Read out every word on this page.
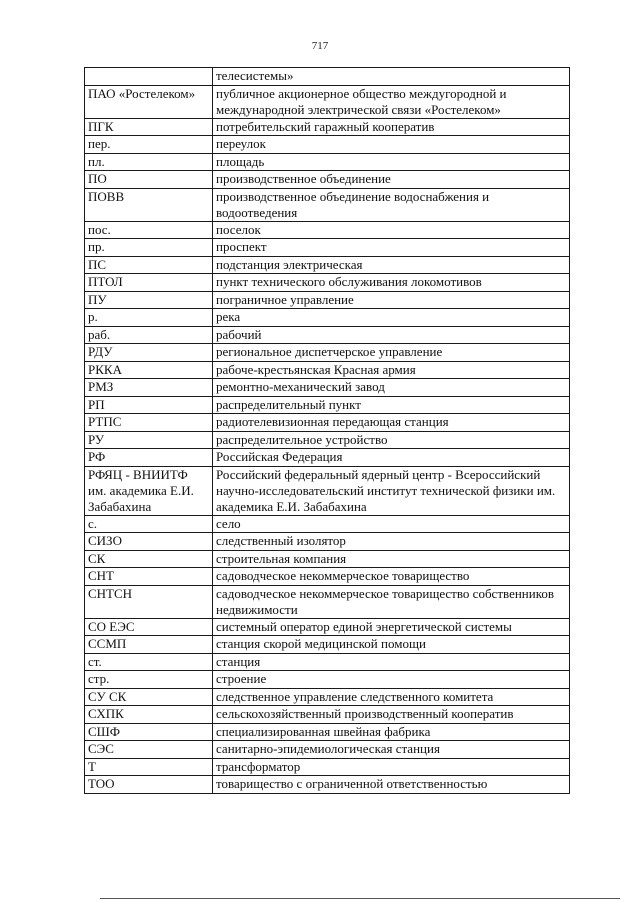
717
	телесистемы»
ПАО «Ростелеком»	публичное акционерное общество междугородной и международной электрической связи «Ростелеком»
ПГК	потребительский гаражный кооператив
пер.	переулок
пл.	площадь
ПО	производственное объединение
ПОВВ	производственное объединение водоснабжения и водоотведения
пос.	поселок
пр.	проспект
ПС	подстанция электрическая
ПТОЛ	пункт технического обслуживания локомотивов
ПУ	пограничное управление
р.	река
раб.	рабочий
РДУ	региональное диспетчерское управление
РККА	рабоче-крестьянская Красная армия
РМЗ	ремонтно-механический завод
РП	распределительный пункт
РТПС	радиотелевизионная передающая станция
РУ	распределительное устройство
РФ	Российская Федерация
РФЯЦ - ВНИИТФ им. академика Е.И. Забабахина	Российский федеральный ядерный центр - Всероссийский научно-исследовательский институт технической физики им. академика Е.И. Забабахина
с.	село
СИЗО	следственный изолятор
СК	строительная компания
СНТ	садоводческое некоммерческое товарищество
СНТСН	садоводческое некоммерческое товарищество собственников недвижимости
СО ЕЭС	системный оператор единой энергетической системы
ССМП	станция скорой медицинской помощи
ст.	станция
стр.	строение
СУ СК	следственное управление следственного комитета
СХПК	сельскохозяйственный производственный кооператив
СШФ	специализированная швейная фабрика
СЭС	санитарно-эпидемиологическая станция
Т	трансформатор
ТОО	товарищество с ограниченной ответственностью
